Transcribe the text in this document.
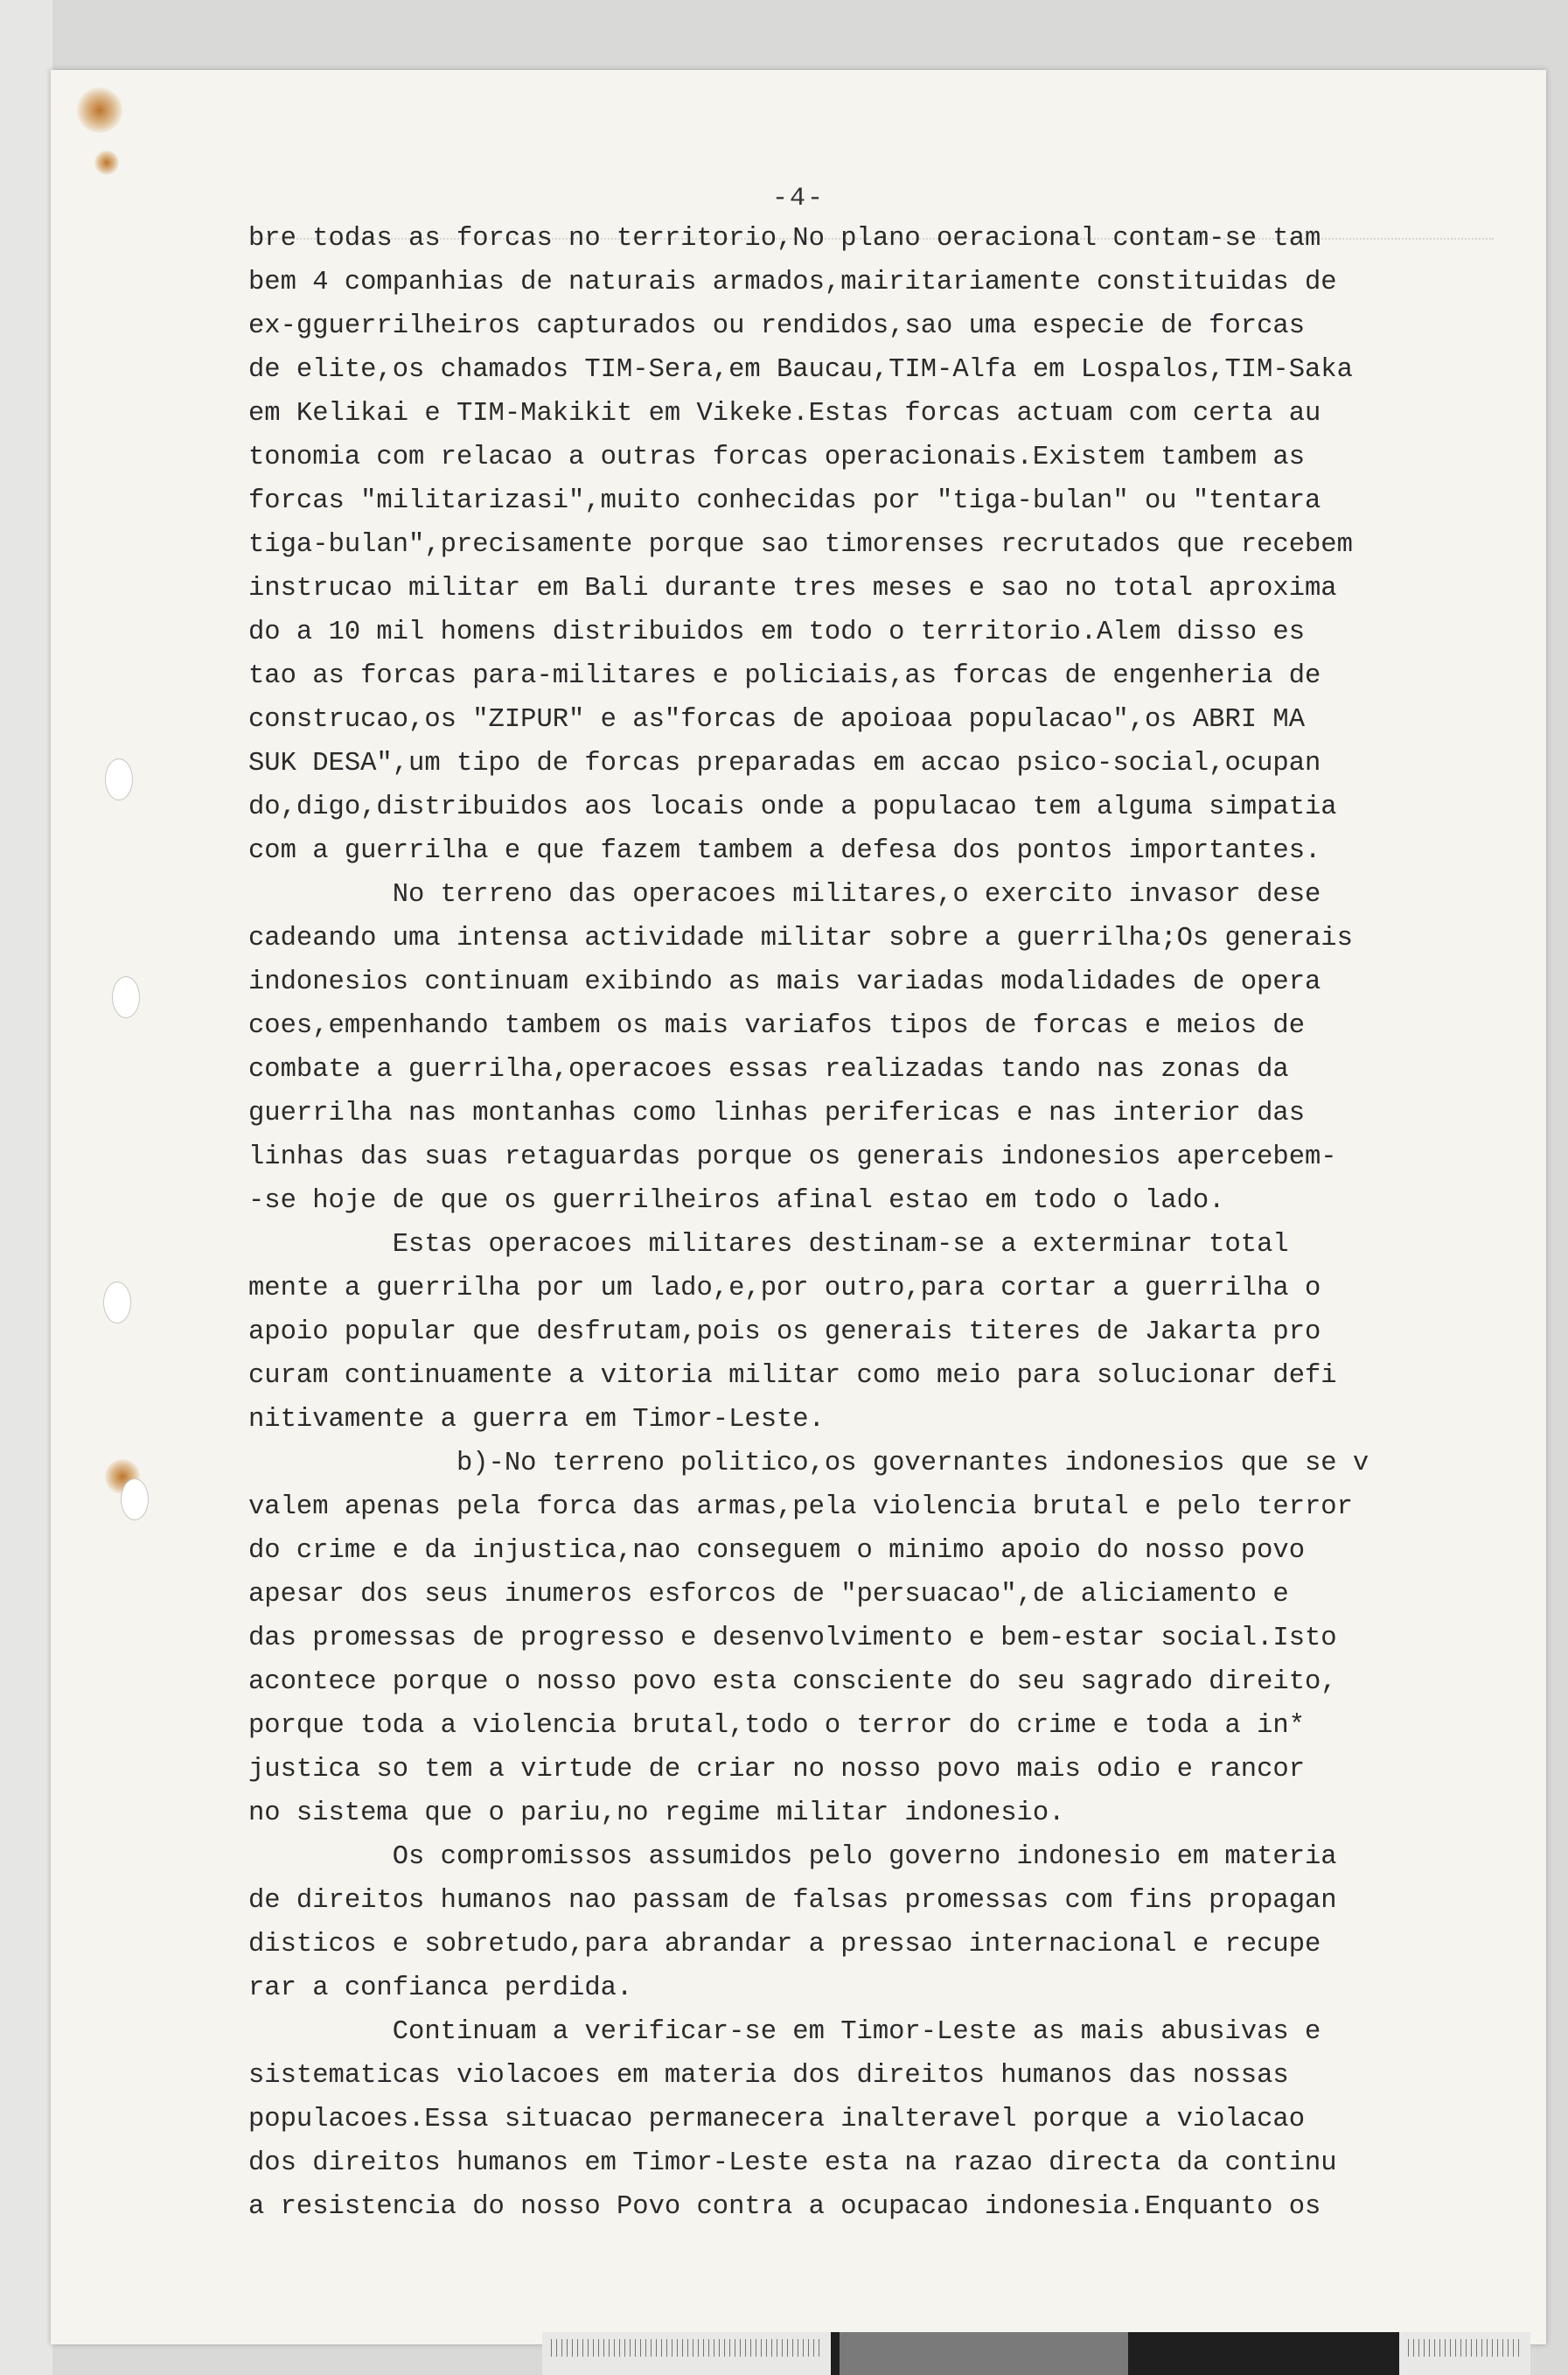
-4-
bre todas as forcas no territorio,No plano oeracional contam-se tam
bem 4 companhias de naturais armados,mairitariamente constituidas de
ex-gguerrilheiros capturados ou rendidos,sao uma especie de forcas
de elite,os chamados TIM-Sera,em Baucau,TIM-Alfa em Lospalos,TIM-Saka
em Kelikai e TIM-Makikit em Vikeke.Estas forcas actuam com certa au
tonomia com relacao a outras forcas operacionais.Existem tambem as
forcas "militarizasi",muito conhecidas por "tiga-bulan" ou "tentara
tiga-bulan",precisamente porque sao timorenses recrutados que recebem
instrucao militar em Bali durante tres meses e sao no total aproxima
do a 10 mil homens distribuidos em todo o territorio.Alem disso es
tao as forcas para-militares e policiais,as forcas de engenheria de
construcao,os "ZIPUR" e as"forcas de apoioaa populacao",os ABRI MA
SUK DESA",um tipo de forcas preparadas em accao psico-social,ocupan
do,digo,distribuidos aos locais onde a populacao tem alguma simpatia
com a guerrilha e que fazem tambem a defesa dos pontos importantes.
No terreno das operacoes militares,o exercito invasor dese
cadeando uma intensa actividade militar sobre a guerrilha;Os generais
indonesios continuam exibindo as mais variadas modalidades de opera
coes,empenhando tambem os mais variafos tipos de forcas e meios de
combate a guerrilha,operacoes essas realizadas tando nas zonas da
guerrilha nas montanhas como linhas perifericas e nas interior das
linhas das suas retaguardas porque os generais indonesios apercebem-
-se hoje de que os guerrilheiros afinal estao em todo o lado.
Estas operacoes militares destinam-se a exterminar total
mente a guerrilha por um lado,e,por outro,para cortar a guerrilha o
apoio popular que desfrutam,pois os generais titeres de Jakarta pro
curam continuamente a vitoria militar como meio para solucionar defi
nitivamente a guerra em Timor-Leste.
b)-No terreno politico,os governantes indonesios que se v
valem apenas pela forca das armas,pela violencia brutal e pelo terror
do crime e da injustica,nao conseguem o minimo apoio do nosso povo
apesar dos seus inumeros esforcos de "persuacao",de aliciamento e
das promessas de progresso e desenvolvimento e bem-estar social.Isto
acontece porque o nosso povo esta consciente do seu sagrado direito,
porque toda a violencia brutal,todo o terror do crime e toda a in*
justica so tem a virtude de criar no nosso povo mais odio e rancor
no sistema que o pariu,no regime militar indonesio.
Os compromissos assumidos pelo governo indonesio em materia
de direitos humanos nao passam de falsas promessas com fins propagan
disticos e sobretudo,para abrandar a pressao internacional e recupe
rar a confianca perdida.
Continuam a verificar-se em Timor-Leste as mais abusivas e
sistematicas violacoes em materia dos direitos humanos das nossas
populacoes.Essa situacao permanecera inalteravel porque a violacao
dos direitos humanos em Timor-Leste esta na razao directa da continu
a resistencia do nosso Povo contra a ocupacao indonesia.Enquanto os
